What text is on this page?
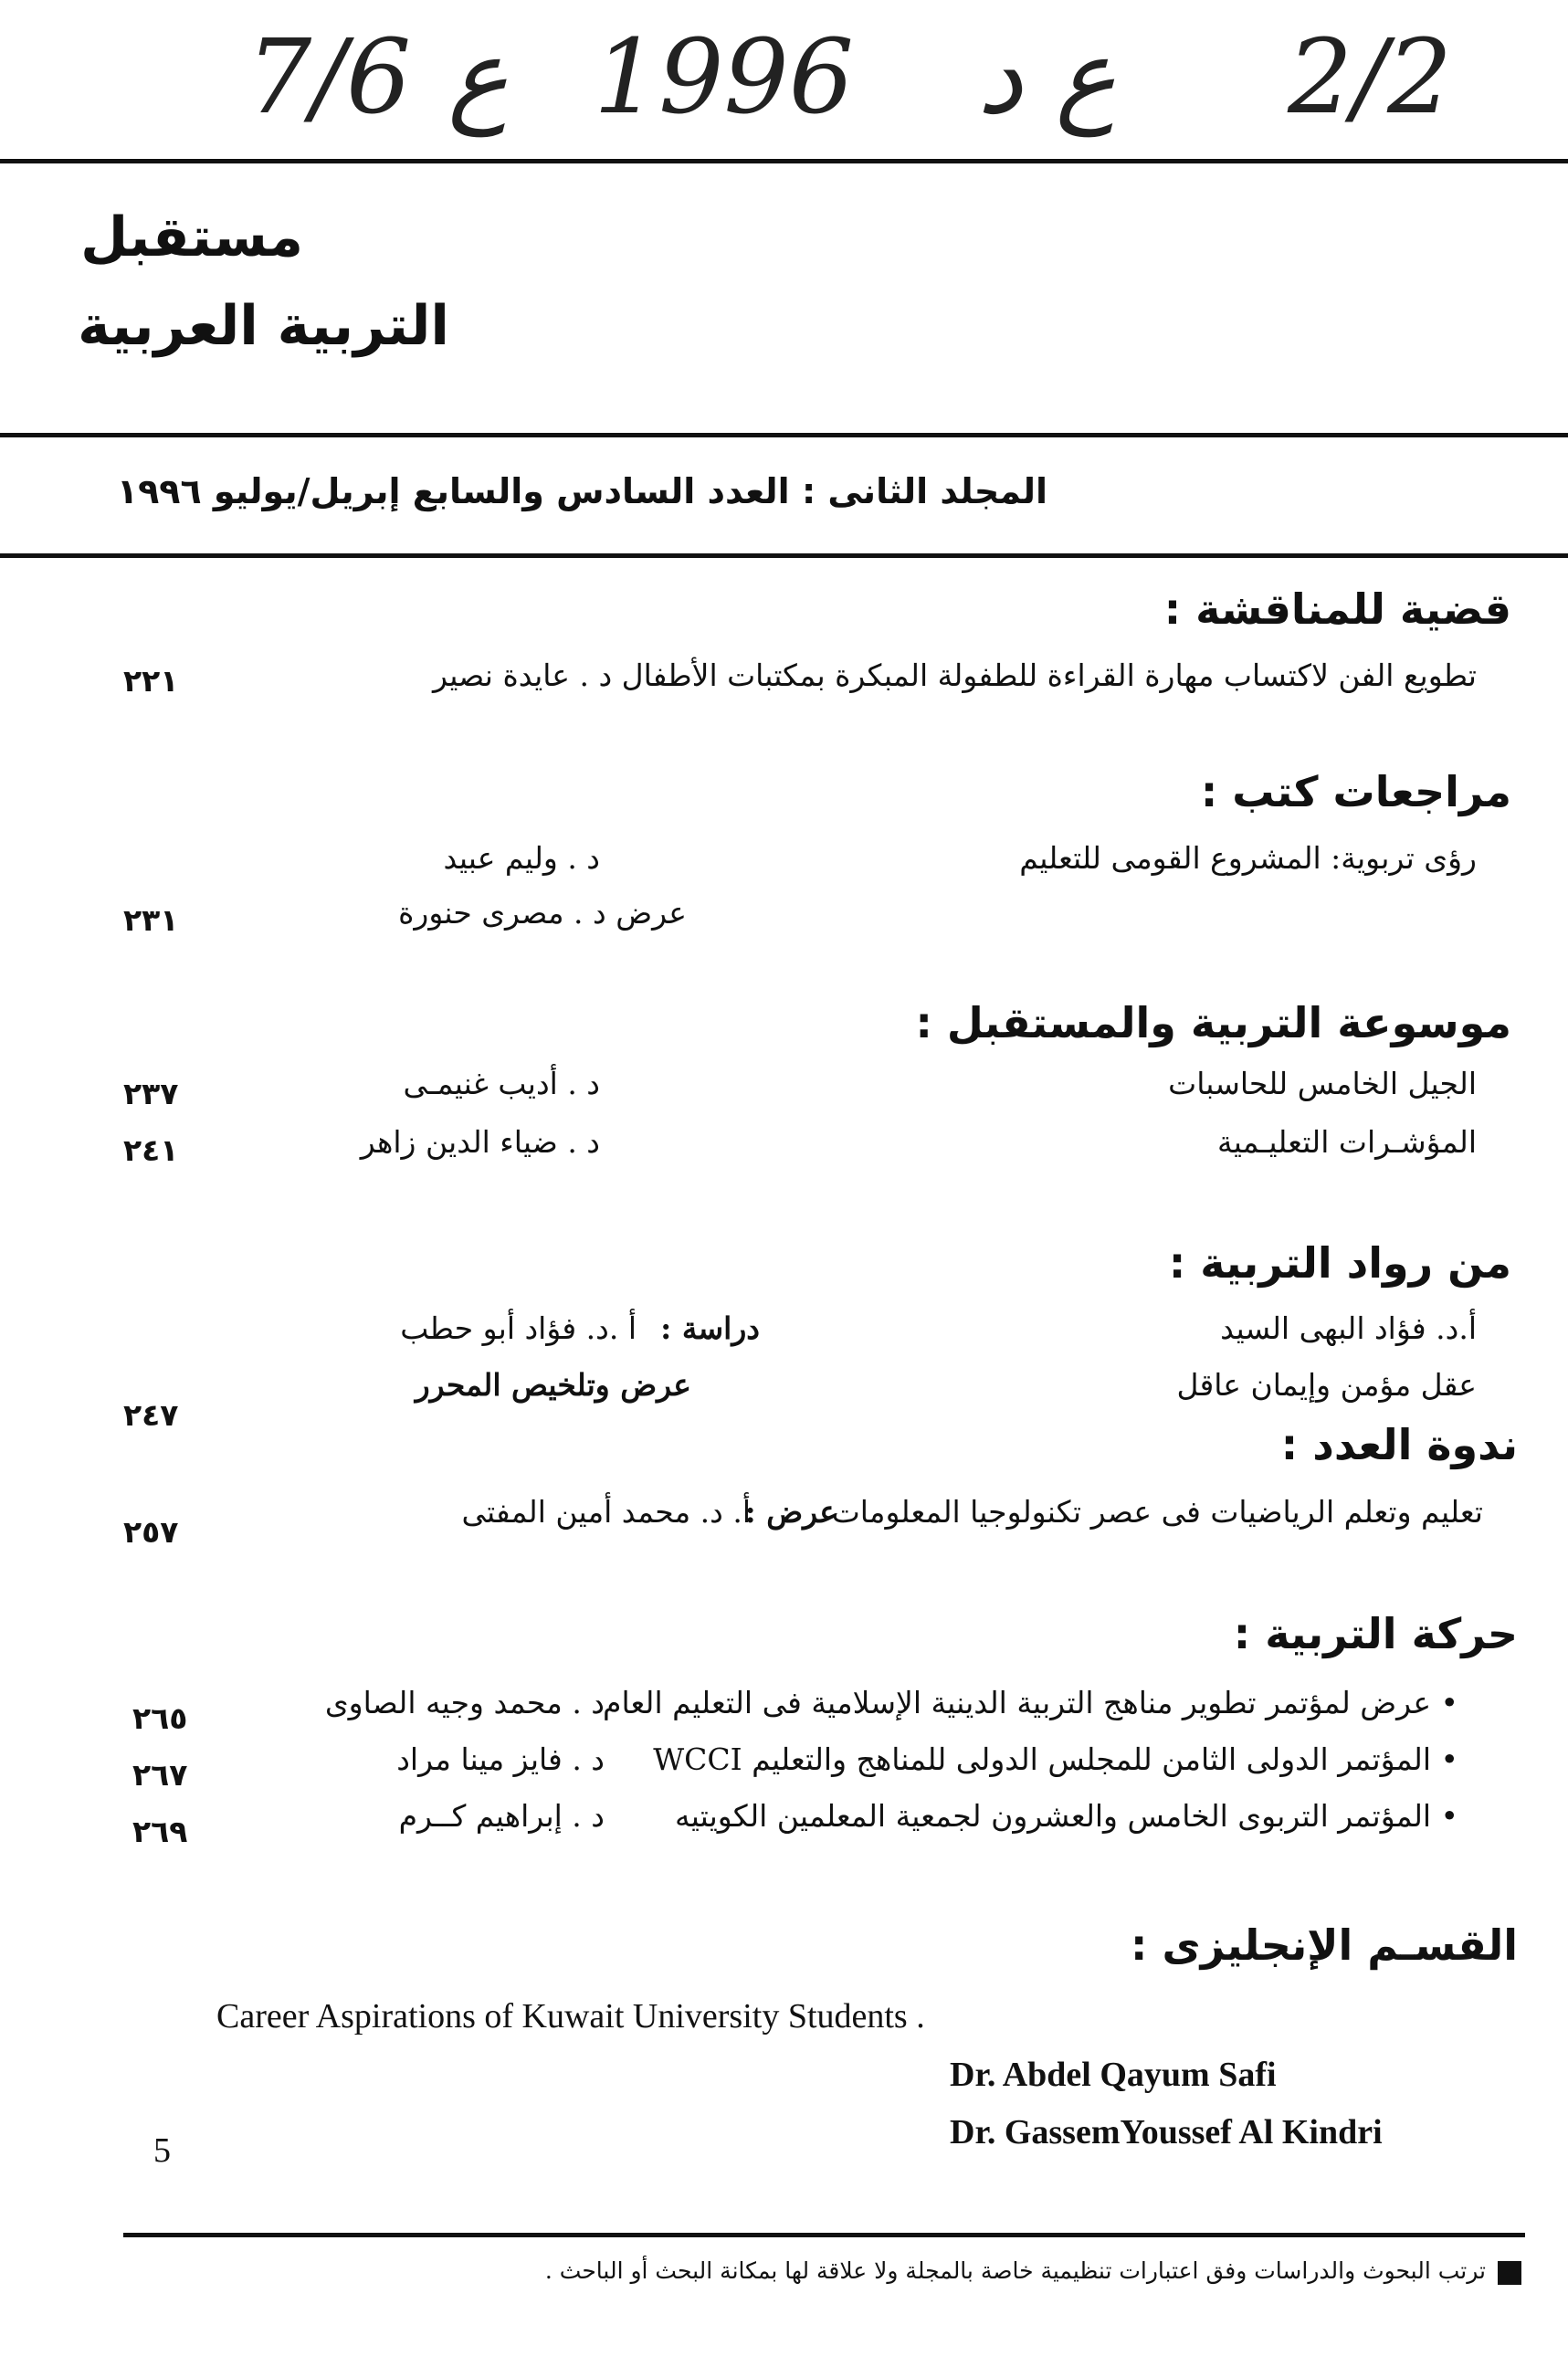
7/6 ع 1996 ع د 2/2
مستقبل
التربية العربية
المجلد الثانى : العدد السادس والسابع إبريل/يوليو ١٩٩٦
قضية للمناقشة :
تطويع الفن لاكتساب مهارة القراءة للطفولة المبكرة بمكتبات الأطفال د . عايدة نصير
٢٢١
مراجعات كتب :
رؤى تربوية: المشروع القومى للتعليم
د . وليم عبيد
عرض د . مصرى حنورة
٢٣١
موسوعة التربية والمستقبل :
الجيل الخامس للحاسبات
د . أديب غنيمـى
٢٣٧
المؤشـرات التعليـمية
د . ضياء الدين زاهر
٢٤١
من رواد التربية :
أ.د. فؤاد البهى السيد
دراسة :
أ .د. فؤاد أبو حطب
عقل مؤمن وإيمان عاقل
عرض وتلخيص المحرر
٢٤٧
ندوة العدد :
تعليم وتعلم الرياضيات فى عصر تكنولوجيا المعلومات
عرض :
أ. د. محمد أمين المفتى
٢٥٧
حركة التربية :
• عرض لمؤتمر تطوير مناهج التربية الدينية الإسلامية فى التعليم العام
د . محمد وجيه الصاوى
٢٦٥
• المؤتمر الدولى الثامن للمجلس الدولى للمناهج والتعليم WCCI
د . فايز مينا مراد
٢٦٧
• المؤتمر التربوى الخامس والعشرون لجمعية المعلمين الكويتيه
د . إبراهيم كــرم
٢٦٩
القسـم الإنجليزى :
Career Aspirations of Kuwait University Students .
Dr. Abdel Qayum Safi
Dr. GassemYoussef Al Kindri
5
ترتب البحوث والدراسات وفق اعتبارات تنظيمية خاصة بالمجلة ولا علاقة لها بمكانة البحث أو الباحث .
